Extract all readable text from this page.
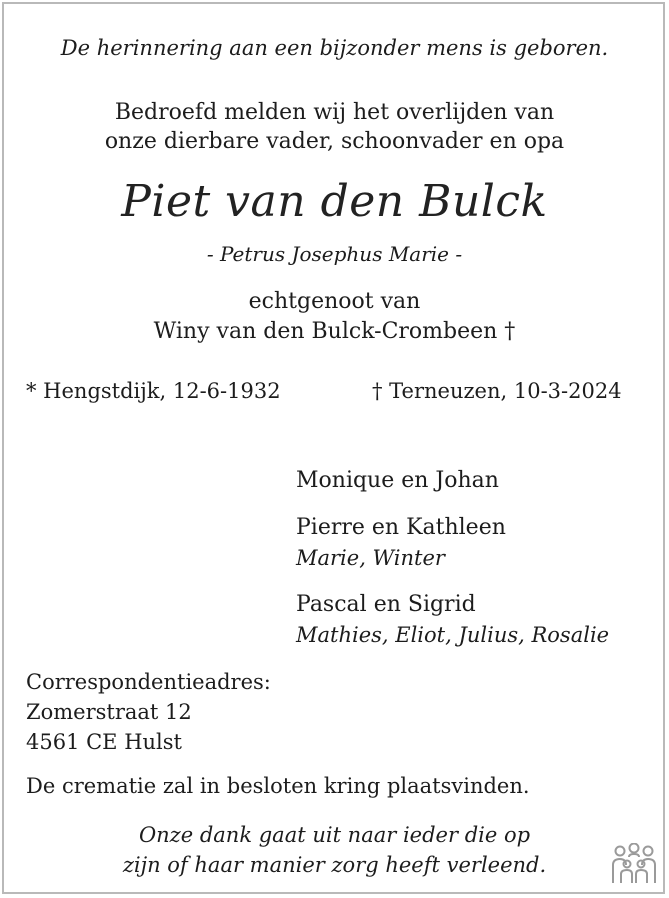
De herinnering aan een bijzonder mens is geboren.
Bedroefd melden wij het overlijden van
onze dierbare vader, schoonvader en opa
Piet van den Bulck
- Petrus Josephus Marie -
echtgenoot van
Winy van den Bulck-Crombeen †
* Hengstdijk, 12-6-1932	† Terneuzen, 10-3-2024
Monique en Johan
Pierre en Kathleen
Marie, Winter
Pascal en Sigrid
Mathies, Eliot, Julius, Rosalie
Correspondentieadres:
Zomerstraat 12
4561 CE Hulst
De crematie zal in besloten kring plaatsvinden.
Onze dank gaat uit naar ieder die op
zijn of haar manier zorg heeft verleend.
